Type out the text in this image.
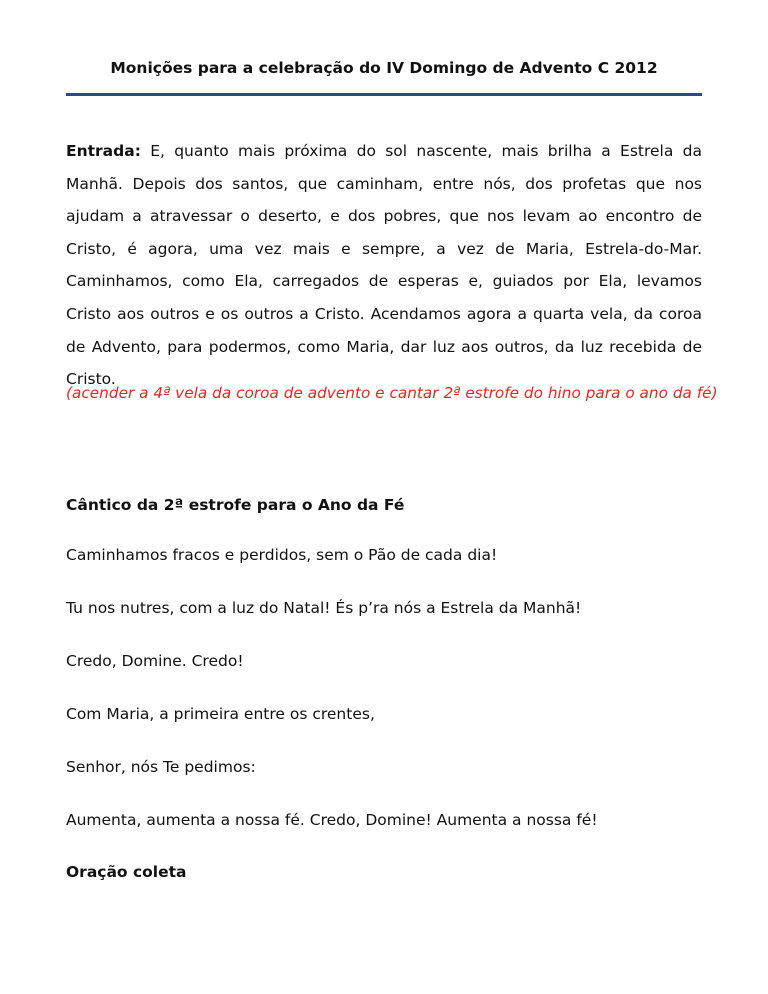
Monições para a celebração do IV Domingo de Advento C 2012
Entrada: E, quanto mais próxima do sol nascente, mais brilha a Estrela da Manhã. Depois dos santos, que caminham, entre nós, dos profetas que nos ajudam a atravessar o deserto, e dos pobres, que nos levam ao encontro de Cristo, é agora, uma vez mais e sempre, a vez de Maria, Estrela-do-Mar. Caminhamos, como Ela, carregados de esperas e, guiados por Ela, levamos Cristo aos outros e os outros a Cristo. Acendamos agora a quarta vela, da coroa de Advento, para podermos, como Maria, dar luz aos outros, da luz recebida de Cristo.
(acender a 4ª vela da coroa de advento e cantar 2ª estrofe do hino para o ano da fé)
Cântico da 2ª estrofe para o Ano da Fé
Caminhamos fracos e perdidos, sem o Pão de cada dia!
Tu nos nutres, com a luz do Natal! És p’ra nós a Estrela da Manhã!
Credo, Domine. Credo!
Com Maria, a primeira entre os crentes,
Senhor, nós Te pedimos:
Aumenta, aumenta a nossa fé. Credo, Domine! Aumenta a nossa fé!
Oração coleta
